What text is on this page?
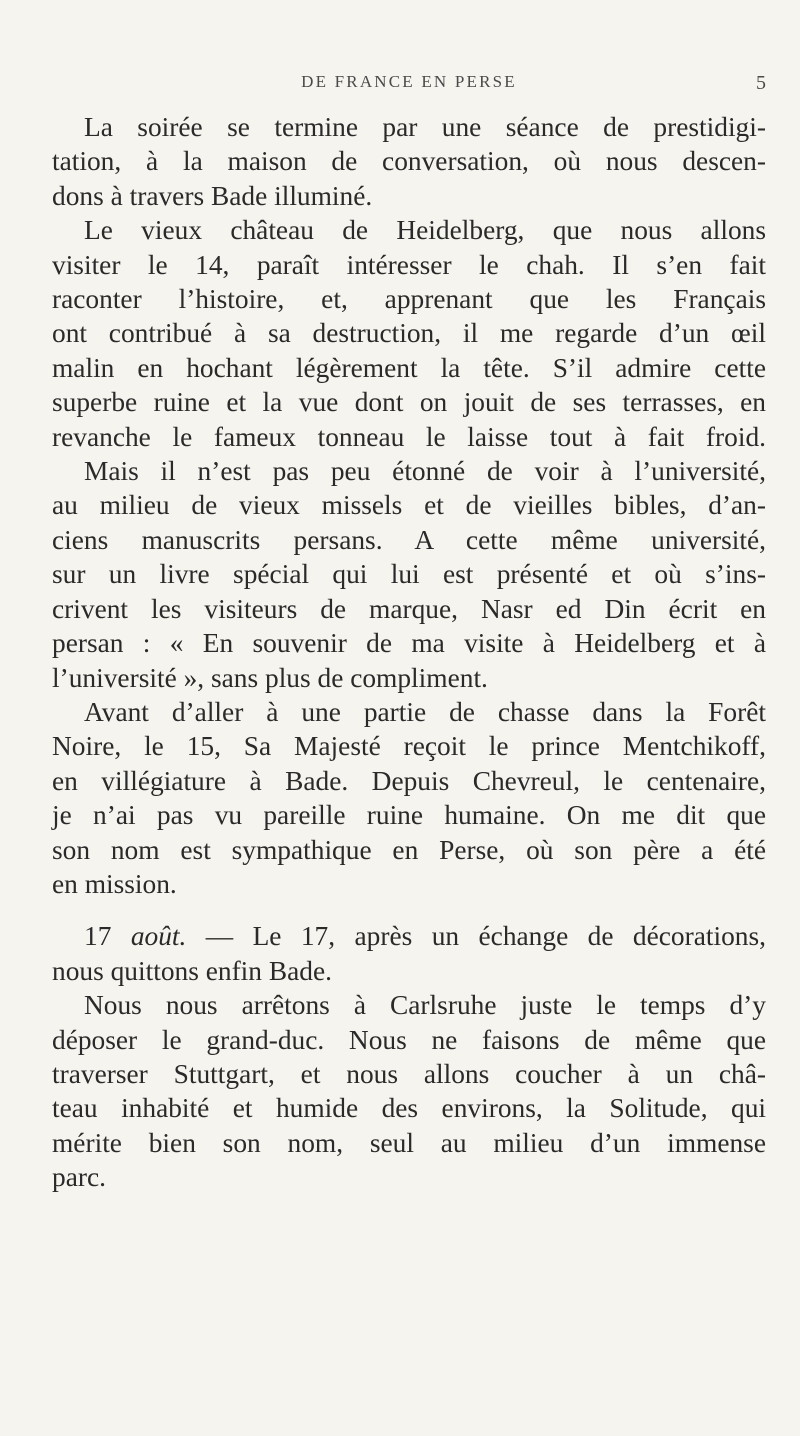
DE FRANCE EN PERSE	5
La soirée se termine par une séance de prestidigi-
tation, à la maison de conversation, où nous descen-
dons à travers Bade illuminé.
Le vieux château de Heidelberg, que nous allons
visiter le 14, paraît intéresser le chah. Il s’en fait
raconter l’histoire, et, apprenant que les Français
ont contribué à sa destruction, il me regarde d’un œil
malin en hochant légèrement la tête. S’il admire cette
superbe ruine et la vue dont on jouit de ses terrasses, en
revanche le fameux tonneau le laisse tout à fait froid.
Mais il n’est pas peu étonné de voir à l’université,
au milieu de vieux missels et de vieilles bibles, d’an-
ciens manuscrits persans. A cette même université,
sur un livre spécial qui lui est présenté et où s’ins-
crivent les visiteurs de marque, Nasr ed Din écrit en
persan : « En souvenir de ma visite à Heidelberg et à
l’université », sans plus de compliment.
Avant d’aller à une partie de chasse dans la Forêt
Noire, le 15, Sa Majesté reçoit le prince Mentchikoff,
en villégiature à Bade. Depuis Chevreul, le centenaire,
je n’ai pas vu pareille ruine humaine. On me dit que
son nom est sympathique en Perse, où son père a été
en mission.
17 août. — Le 17, après un échange de décorations,
nous quittons enfin Bade.
Nous nous arrêtons à Carlsruhe juste le temps d’y
déposer le grand-duc. Nous ne faisons de même que
traverser Stuttgart, et nous allons coucher à un châ-
teau inhabité et humide des environs, la Solitude, qui
mérite bien son nom, seul au milieu d’un immense
parc.
